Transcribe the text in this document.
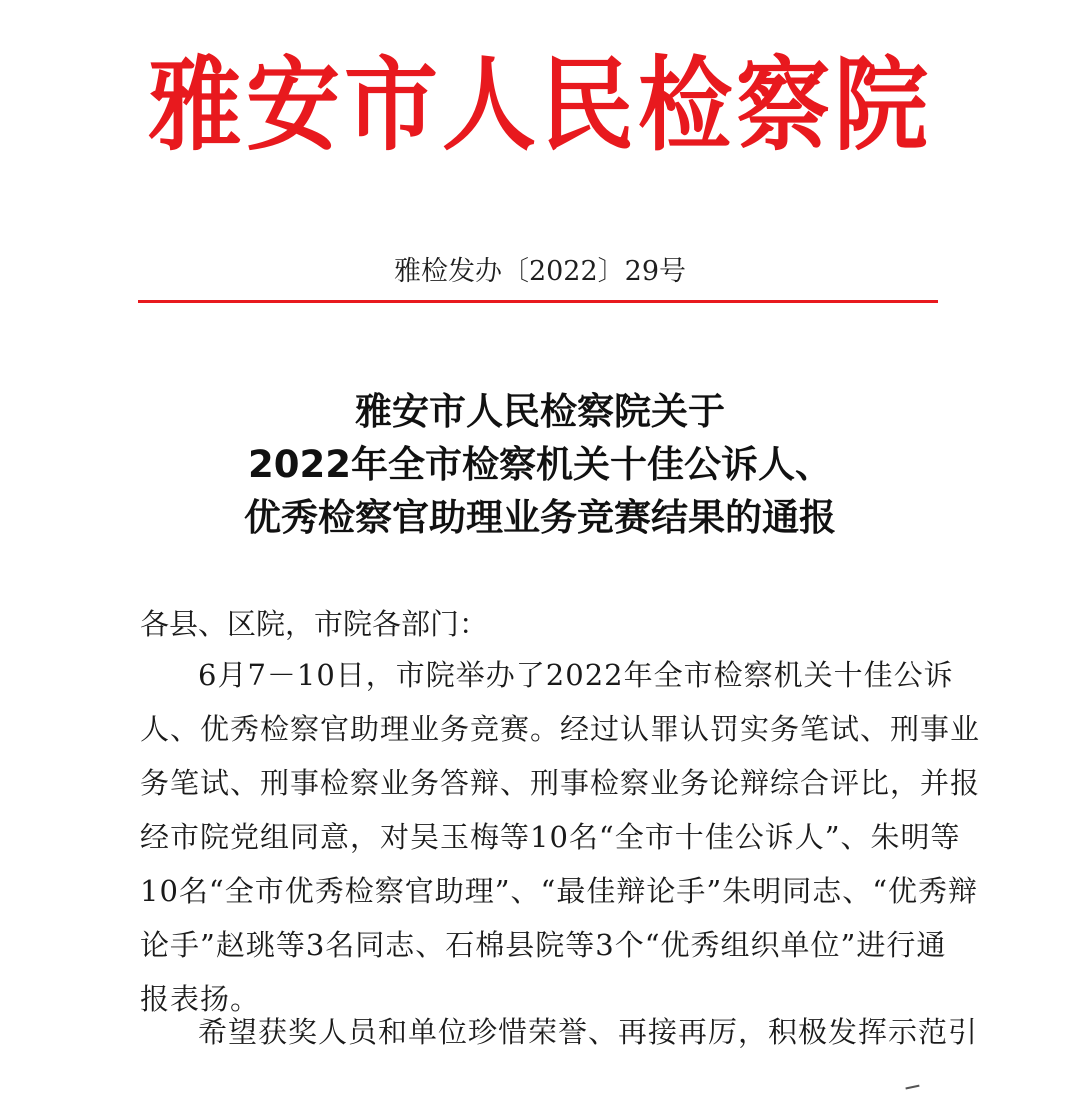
雅安市人民检察院
雅检发办〔2022〕29号
雅安市人民检察院关于
2022年全市检察机关十佳公诉人、
优秀检察官助理业务竞赛结果的通报
各县、区院，市院各部门：
6月7－10日，市院举办了2022年全市检察机关十佳公诉
人、优秀检察官助理业务竞赛。经过认罪认罚实务笔试、刑事业
务笔试、刑事检察业务答辩、刑事检察业务论辩综合评比，并报
经市院党组同意，对吴玉梅等10名“全市十佳公诉人”、朱明等
10名“全市优秀检察官助理”、“最佳辩论手”朱明同志、“优秀辩
论手”赵珧等3名同志、石棉县院等3个“优秀组织单位”进行通
报表扬。
希望获奖人员和单位珍惜荣誉、再接再厉，积极发挥示范引
